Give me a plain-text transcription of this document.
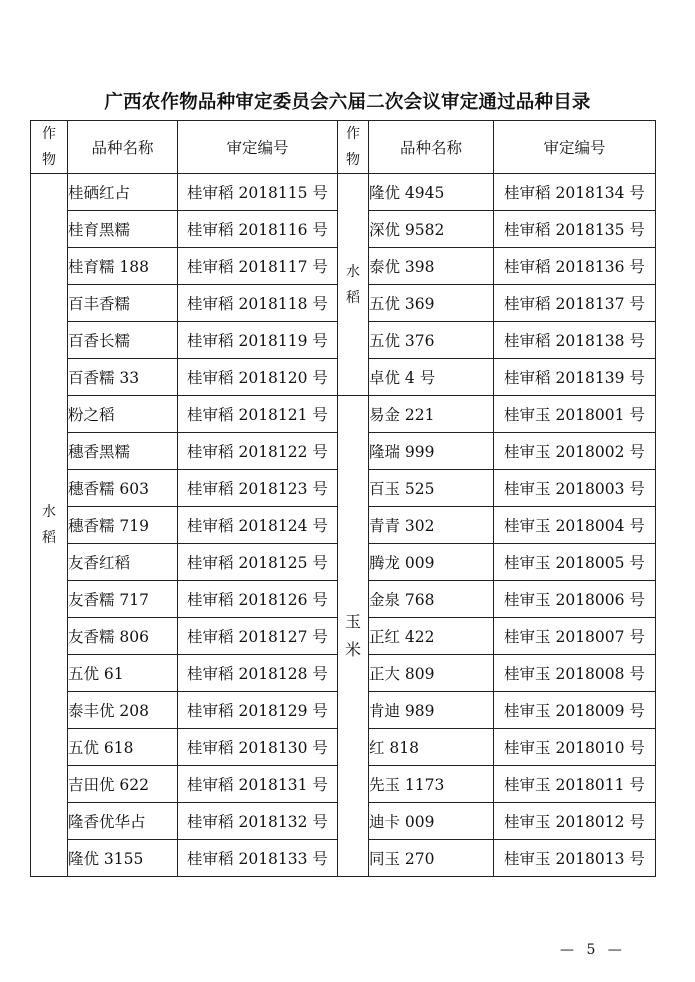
广西农作物品种审定委员会六届二次会议审定通过品种目录
作物	品种名称	审定编号	作物	品种名称	审定编号
水稻	桂硒红占	桂审稻 2018115 号	水稻	隆优 4945	桂审稻 2018134 号
	桂育黑糯	桂审稻 2018116 号		深优 9582	桂审稻 2018135 号
	桂育糯 188	桂审稻 2018117 号		泰优 398	桂审稻 2018136 号
	百丰香糯	桂审稻 2018118 号		五优 369	桂审稻 2018137 号
	百香长糯	桂审稻 2018119 号		五优 376	桂审稻 2018138 号
	百香糯 33	桂审稻 2018120 号		卓优 4 号	桂审稻 2018139 号
	粉之稻	桂审稻 2018121 号	玉米	易金 221	桂审玉 2018001 号
	穗香黑糯	桂审稻 2018122 号		隆瑞 999	桂审玉 2018002 号
	穗香糯 603	桂审稻 2018123 号		百玉 525	桂审玉 2018003 号
	穗香糯 719	桂审稻 2018124 号		青青 302	桂审玉 2018004 号
	友香红稻	桂审稻 2018125 号		腾龙 009	桂审玉 2018005 号
	友香糯 717	桂审稻 2018126 号		金泉 768	桂审玉 2018006 号
	友香糯 806	桂审稻 2018127 号		正红 422	桂审玉 2018007 号
	五优 61	桂审稻 2018128 号		正大 809	桂审玉 2018008 号
	泰丰优 208	桂审稻 2018129 号		肯迪 989	桂审玉 2018009 号
	五优 618	桂审稻 2018130 号		红 818	桂审玉 2018010 号
	吉田优 622	桂审稻 2018131 号		先玉 1173	桂审玉 2018011 号
	隆香优华占	桂审稻 2018132 号		迪卡 009	桂审玉 2018012 号
	隆优 3155	桂审稻 2018133 号		同玉 270	桂审玉 2018013 号
— 5 —
